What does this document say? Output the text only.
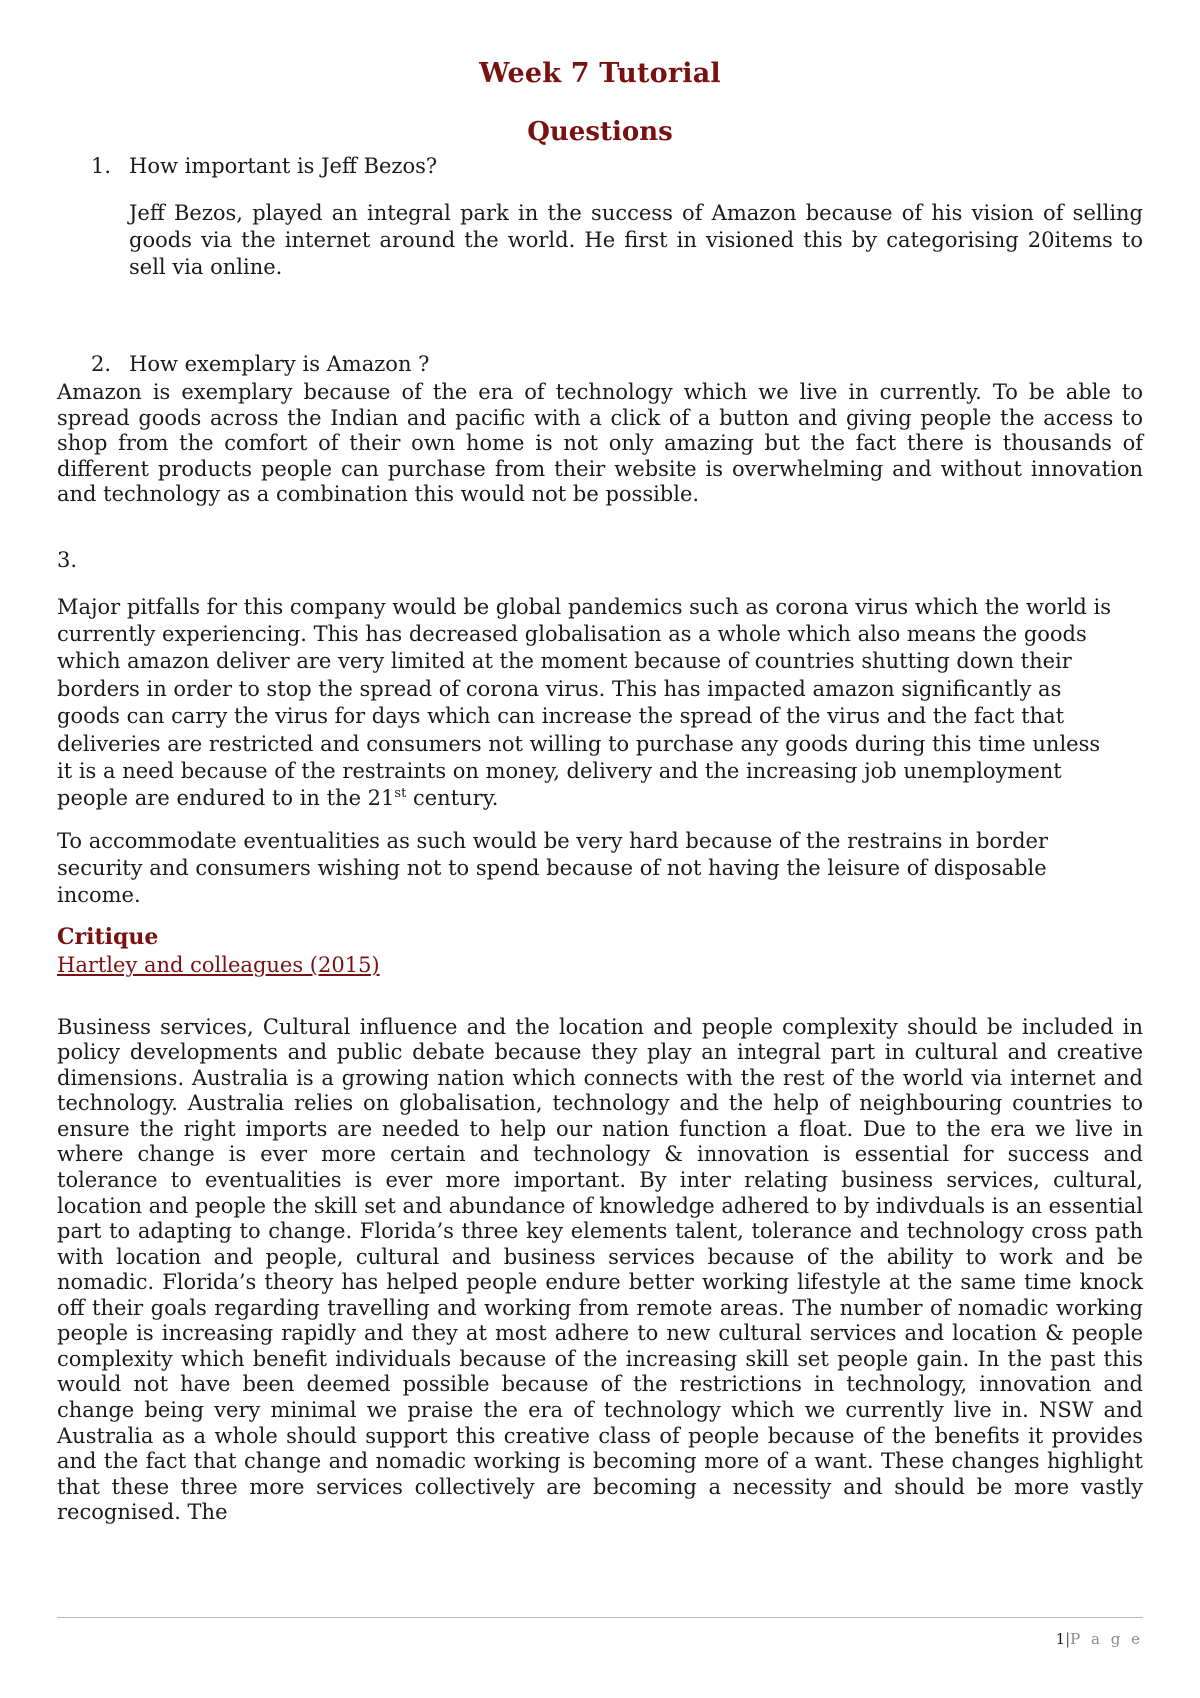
Week 7 Tutorial
Questions
1. How important is Jeff Bezos?

Jeff Bezos, played an integral park in the success of Amazon because of his vision of selling goods via the internet around the world. He first in visioned this by categorising 20items to sell via online.

2. How exemplary is Amazon ?

Amazon is exemplary because of the era of technology which we live in currently. To be able to spread goods across the Indian and pacific with a click of a button and giving people the access to shop from the comfort of their own home is not only amazing but the fact there is thousands of different products people can purchase from their website is overwhelming and without innovation and technology as a combination this would not be possible.

3.

Major pitfalls for this company would be global pandemics such as corona virus which the world is currently experiencing. This has decreased globalisation as a whole which also means the goods which amazon deliver are very limited at the moment because of countries shutting down their borders in order to stop the spread of corona virus. This has impacted amazon significantly as goods can carry the virus for days which can increase the spread of the virus and the fact that deliveries are restricted and consumers not willing to purchase any goods during this time unless it is a need because of the restraints on money, delivery and the increasing job unemployment people are endured to in the 21st century.

To accommodate eventualities as such would be very hard because of the restrains in border security and consumers wishing not to spend because of not having the leisure of disposable income.

Critique

Hartley and colleagues (2015)

Business services, Cultural influence and the location and people complexity should be included in policy developments and public debate because they play an integral part in cultural and creative dimensions. Australia is a growing nation which connects with the rest of the world via internet and technology. Australia relies on globalisation, technology and the help of neighbouring countries to ensure the right imports are needed to help our nation function a float. Due to the era we live in where change is ever more certain and technology & innovation is essential for success and tolerance to eventualities is ever more important. By inter relating business services, cultural, location and people the skill set and abundance of knowledge adhered to by indivduals is an essential part to adapting to change. Florida’s three key elements talent, tolerance and technology cross path with location and people, cultural and business services because of the ability to work and be nomadic. Florida’s theory has helped people endure better working lifestyle at the same time knock off their goals regarding travelling and working from remote areas. The number of nomadic working people is increasing rapidly and they at most adhere to new cultural services and location & people complexity which benefit individuals because of the increasing skill set people gain. In the past this would not have been deemed possible because of the restrictions in technology, innovation and change being very minimal we praise the era of technology which we currently live in. NSW and Australia as a whole should support this creative class of people because of the benefits it provides and the fact that change and nomadic working is becoming more of a want. These changes highlight that these three more services collectively are becoming a necessity and should be more vastly recognised. The

1|P a g e
